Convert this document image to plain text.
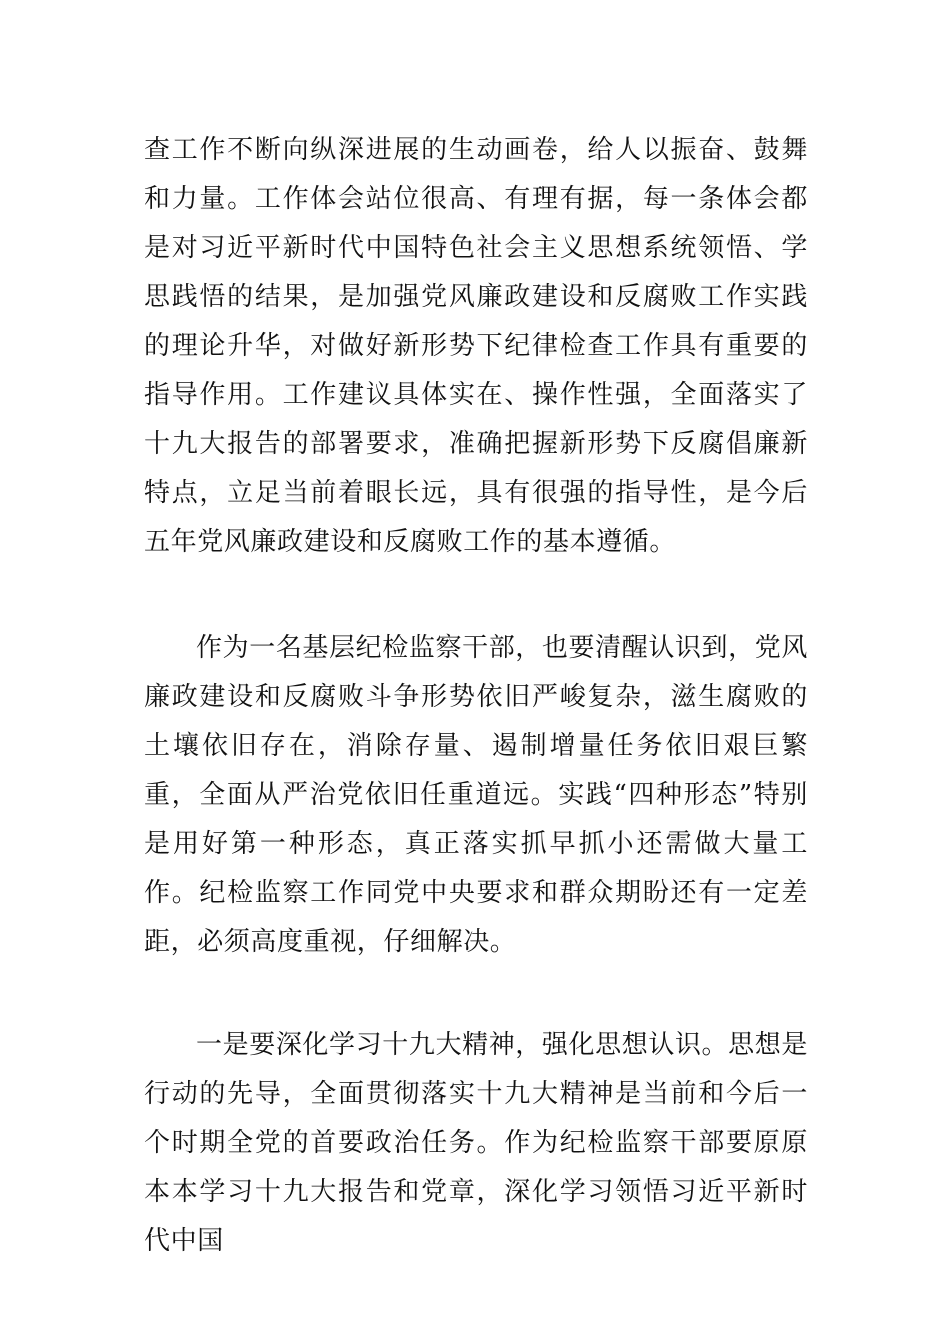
查工作不断向纵深进展的生动画卷，给人以振奋、鼓舞和力量。工作体会站位很高、有理有据，每一条体会都是对习近平新时代中国特色社会主义思想系统领悟、学思践悟的结果，是加强党风廉政建设和反腐败工作实践的理论升华，对做好新形势下纪律检查工作具有重要的指导作用。工作建议具体实在、操作性强，全面落实了十九大报告的部署要求，准确把握新形势下反腐倡廉新特点，立足当前着眼长远，具有很强的指导性，是今后五年党风廉政建设和反腐败工作的基本遵循。

作为一名基层纪检监察干部，也要清醒认识到，党风廉政建设和反腐败斗争形势依旧严峻复杂，滋生腐败的土壤依旧存在，消除存量、遏制增量任务依旧艰巨繁重，全面从严治党依旧任重道远。实践“四种形态”特别是用好第一种形态，真正落实抓早抓小还需做大量工作。纪检监察工作同党中央要求和群众期盼还有一定差距，必须高度重视，仔细解决。

一是要深化学习十九大精神，强化思想认识。思想是行动的先导，全面贯彻落实十九大精神是当前和今后一个时期全党的首要政治任务。作为纪检监察干部要原原本本学习十九大报告和党章，深化学习领悟习近平新时代中国
